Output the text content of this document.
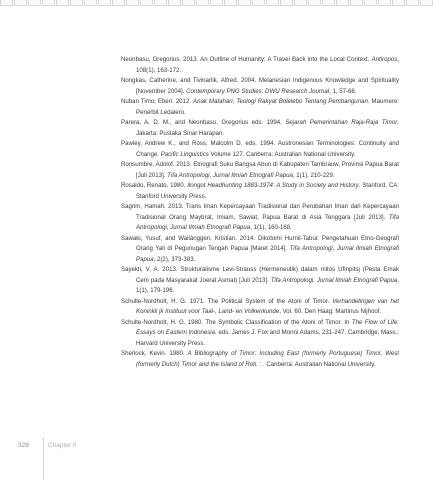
Neonbasu, Gregorius. 2013. An Outline of Humanity: A Travel Back into the Local Context. Antiropos, 108(1), 163-172.

Nongkas, Catherine, and Tivinarlik, Alfred. 2004. Melanesian Indigenous Knowledge and Spirituality [November 2004]. Contemporary PNG Studies: DWU Research Journal, 1, 57-68.

Nuban Timo, Eben. 2012. Anak Matahari, Teologi Rakyat Bolelebo Tentang Pembangunan. Maumere: Penerbit Ledalero.

Parera, A. D. M., and Neonbasu, Gregorius eds. 1994. Sejarah Pemerintahan Raja-Raja Timor. Jakarta: Pustaka Sinar Harapan.

Pawley, Andrew K., and Ross, Malcolm D. eds. 1994. Austronesian Terminologies: Continuity and Change. Pacific Linguistics Volume 127. Canberra: Australian National University.

Ronsumbre, Adolof. 2013. Etnografi Suku Bangsa Abun di Kabupaten Tambrauw, Provinsi Papua Barat [Juli 2013]. Tifa Antropologi, Jurnal Ilmiah Etnografi Papua, 1(1), 210-229.

Rosaldo, Renato. 1980. Ilongot Headhunting 1883-1974: A Study in Society and History. Stanford, CA: Stanford University Press.

Sagrim, Hamah. 2013. Trans Iman Kepercayaan Tradisional dan Perubahan Iman dari Kepercayaan Tradisional Orang Maybrat, Imiam, Sawiat, Papua Barat di Asia Tenggara [Juli 2013]. Tifa Antropologi, Jurnal Ilmiah Etnografi Papua, 1(1), 160-168.

Sawaki, Yusuf, and Waliānggen, Kristian. 2014. Dikotomi Hurnil-Tabui: Pengetahuan Etno-Geografi Orang Yali di Pegunugan Tengah Papua [Maret 2014]. Tifa Antropologi, Jurnal Ilmiah Etnografi Papua, 2(2), 373-383.

Sayekti, V. A. 2013. Strukturalisme Levi-Strauss (Hermeneutik) dalam mitos Ufinpitsj (Pesta Emak Cem pada Masyarakat Joerat Asmat) [Juli 2013]. Tifa Antropologi, Jurnal Ilmiah Etnografi Papua, 1(1), 179-196.

Schulte-Nordholt, H. G. 1971. The Political System of the Atoni of Timor. Verhandelingen van het Koninkli jk Instituut voor Taal-, Land- en Volkenkunde, Vol. 60. Den Haag: Martinus Nijhoof.

Schulte-Nordholt, H. G. 1980. The Symbolic Classification of the Atoni of Timor. In The Flow of Life: Essays on Eastern Indonesia. eds. James J. Fox and Monni Adams, 231-247. Cambridge, Mass.: Harvard University Press.

Sherlock, Kevin. 1980. A Bibliography of Timor: Including East (formerly Portuguese) Timor, West (formerly Dutch) Timor and the Island of Roti. : . Canberra: Australian National University.

328	Chapter 8
